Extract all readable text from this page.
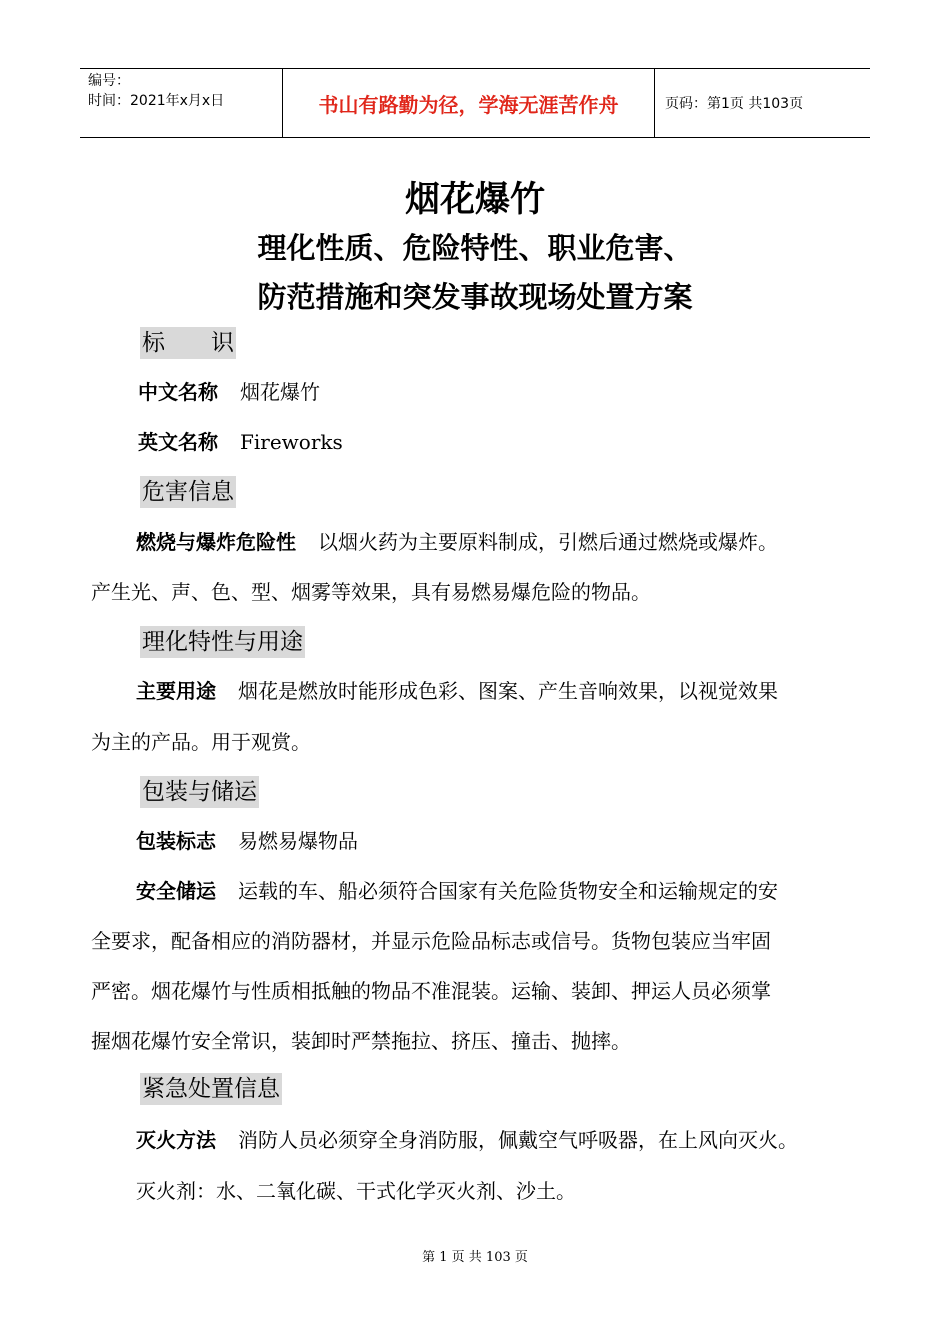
编号：
时间：2021年x月x日	书山有路勤为径，学海无涯苦作舟	页码：第1页 共103页
烟花爆竹
理化性质、危险特性、职业危害、
防范措施和突发事故现场处置方案
标　　识
中文名称 烟花爆竹
英文名称 Fireworks
危害信息
燃烧与爆炸危险性 以烟火药为主要原料制成，引燃后通过燃烧或爆炸。
产生光、声、色、型、烟雾等效果，具有易燃易爆危险的物品。
理化特性与用途
主要用途 烟花是燃放时能形成色彩、图案、产生音响效果，以视觉效果
为主的产品。用于观赏。
包装与储运
包装标志 易燃易爆物品
安全储运 运载的车、船必须符合国家有关危险货物安全和运输规定的安
全要求，配备相应的消防器材，并显示危险品标志或信号。货物包装应当牢固
严密。烟花爆竹与性质相抵触的物品不准混装。运输、装卸、押运人员必须掌
握烟花爆竹安全常识，装卸时严禁拖拉、挤压、撞击、抛摔。
紧急处置信息
灭火方法 消防人员必须穿全身消防服，佩戴空气呼吸器，在上风向灭火。
灭火剂：水、二氧化碳、干式化学灭火剂、沙土。
第 1 页 共 103 页
